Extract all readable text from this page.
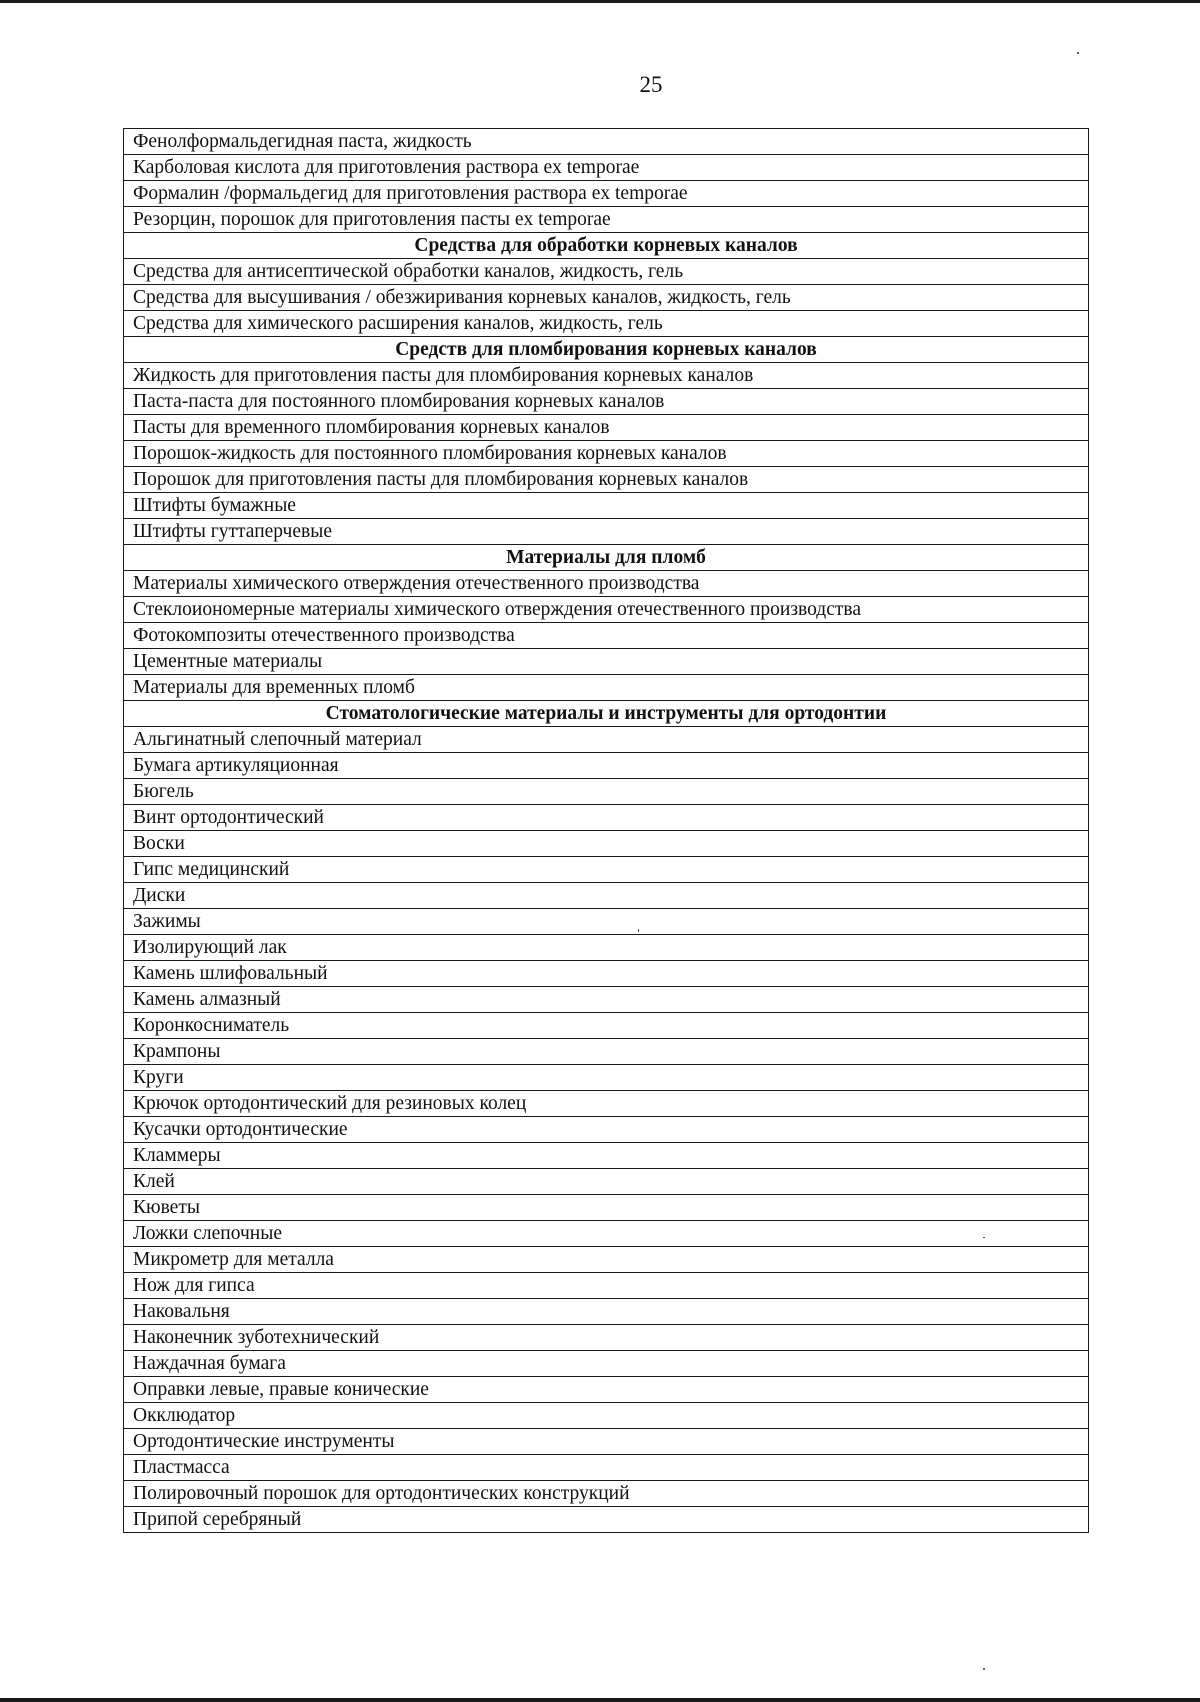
25
Фенолформальдегидная паста, жидкость
Карболовая кислота для приготовления раствора ex temporae
Формалин /формальдегид для приготовления раствора ex temporae
Резорцин, порошок для приготовления пасты ex temporae
Средства для обработки корневых каналов
Средства для антисептической обработки каналов, жидкость, гель
Средства для высушивания / обезжиривания корневых каналов, жидкость, гель
Средства для химического расширения каналов, жидкость, гель
Средств для пломбирования корневых каналов
Жидкость для приготовления пасты для пломбирования корневых каналов
Паста-паста для постоянного пломбирования корневых каналов
Пасты для временного пломбирования корневых каналов
Порошок-жидкость для постоянного пломбирования корневых каналов
Порошок для приготовления пасты для пломбирования корневых каналов
Штифты бумажные
Штифты гуттаперчевые
Материалы для пломб
Материалы химического отверждения отечественного производства
Стеклоиономерные материалы химического отверждения отечественного производства
Фотокомпозиты отечественного производства
Цементные материалы
Материалы для временных пломб
Стоматологические материалы и инструменты для ортодонтии
Альгинатный слепочный материал
Бумага артикуляционная
Бюгель
Винт ортодонтический
Воски
Гипс медицинский
Диски
Зажимы
Изолирующий лак
Камень шлифовальный
Камень алмазный
Коронкосниматель
Крампоны
Круги
Крючок ортодонтический для резиновых колец
Кусачки ортодонтические
Кламмеры
Клей
Кюветы
Ложки слепочные
Микрометр для металла
Нож для гипса
Наковальня
Наконечник зуботехнический
Наждачная бумага
Оправки левые, правые конические
Окклюдатор
Ортодонтические инструменты
Пластмасса
Полировочный порошок для ортодонтических конструкций
Припой серебряный
